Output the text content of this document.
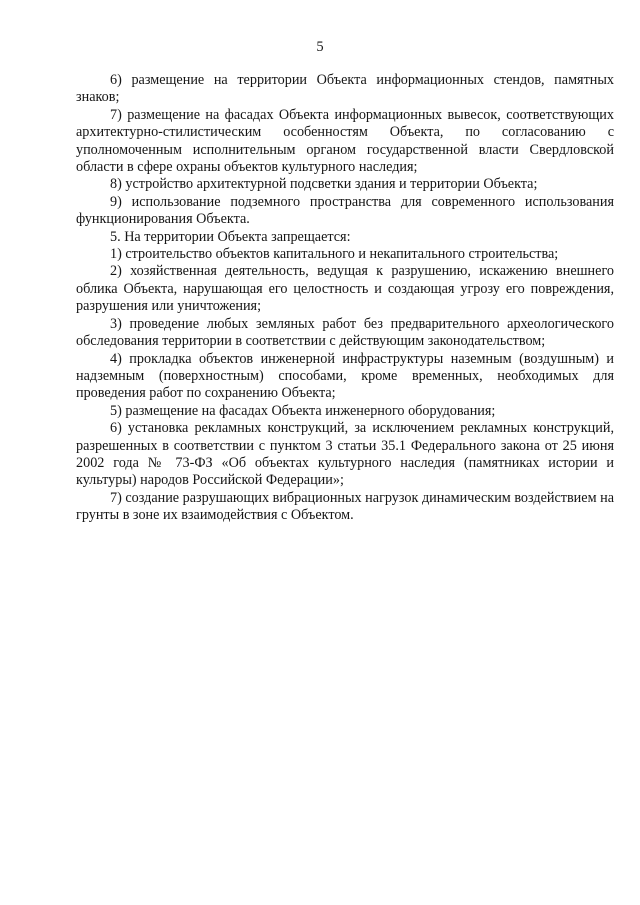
5

6) размещение на территории Объекта информационных стендов, памятных знаков;

7) размещение на фасадах Объекта информационных вывесок, соответствующих архитектурно-стилистическим особенностям Объекта, по согласованию с уполномоченным исполнительным органом государственной власти Свердловской области в сфере охраны объектов культурного наследия;

8) устройство архитектурной подсветки здания и территории Объекта;

9) использование подземного пространства для современного использования функционирования Объекта.

5. На территории Объекта запрещается:

1) строительство объектов капитального и некапитального строительства;

2) хозяйственная деятельность, ведущая к разрушению, искажению внешнего облика Объекта, нарушающая его целостность и создающая угрозу его повреждения, разрушения или уничтожения;

3) проведение любых земляных работ без предварительного археологического обследования территории в соответствии с действующим законодательством;

4) прокладка объектов инженерной инфраструктуры наземным (воздушным) и надземным (поверхностным) способами, кроме временных, необходимых для проведения работ по сохранению Объекта;

5) размещение на фасадах Объекта инженерного оборудования;

6) установка рекламных конструкций, за исключением рекламных конструкций, разрешенных в соответствии с пунктом 3 статьи 35.1 Федерального закона от 25 июня 2002 года № 73-ФЗ «Об объектах культурного наследия (памятниках истории и культуры) народов Российской Федерации»;

7) создание разрушающих вибрационных нагрузок динамическим воздействием на грунты в зоне их взаимодействия с Объектом.
